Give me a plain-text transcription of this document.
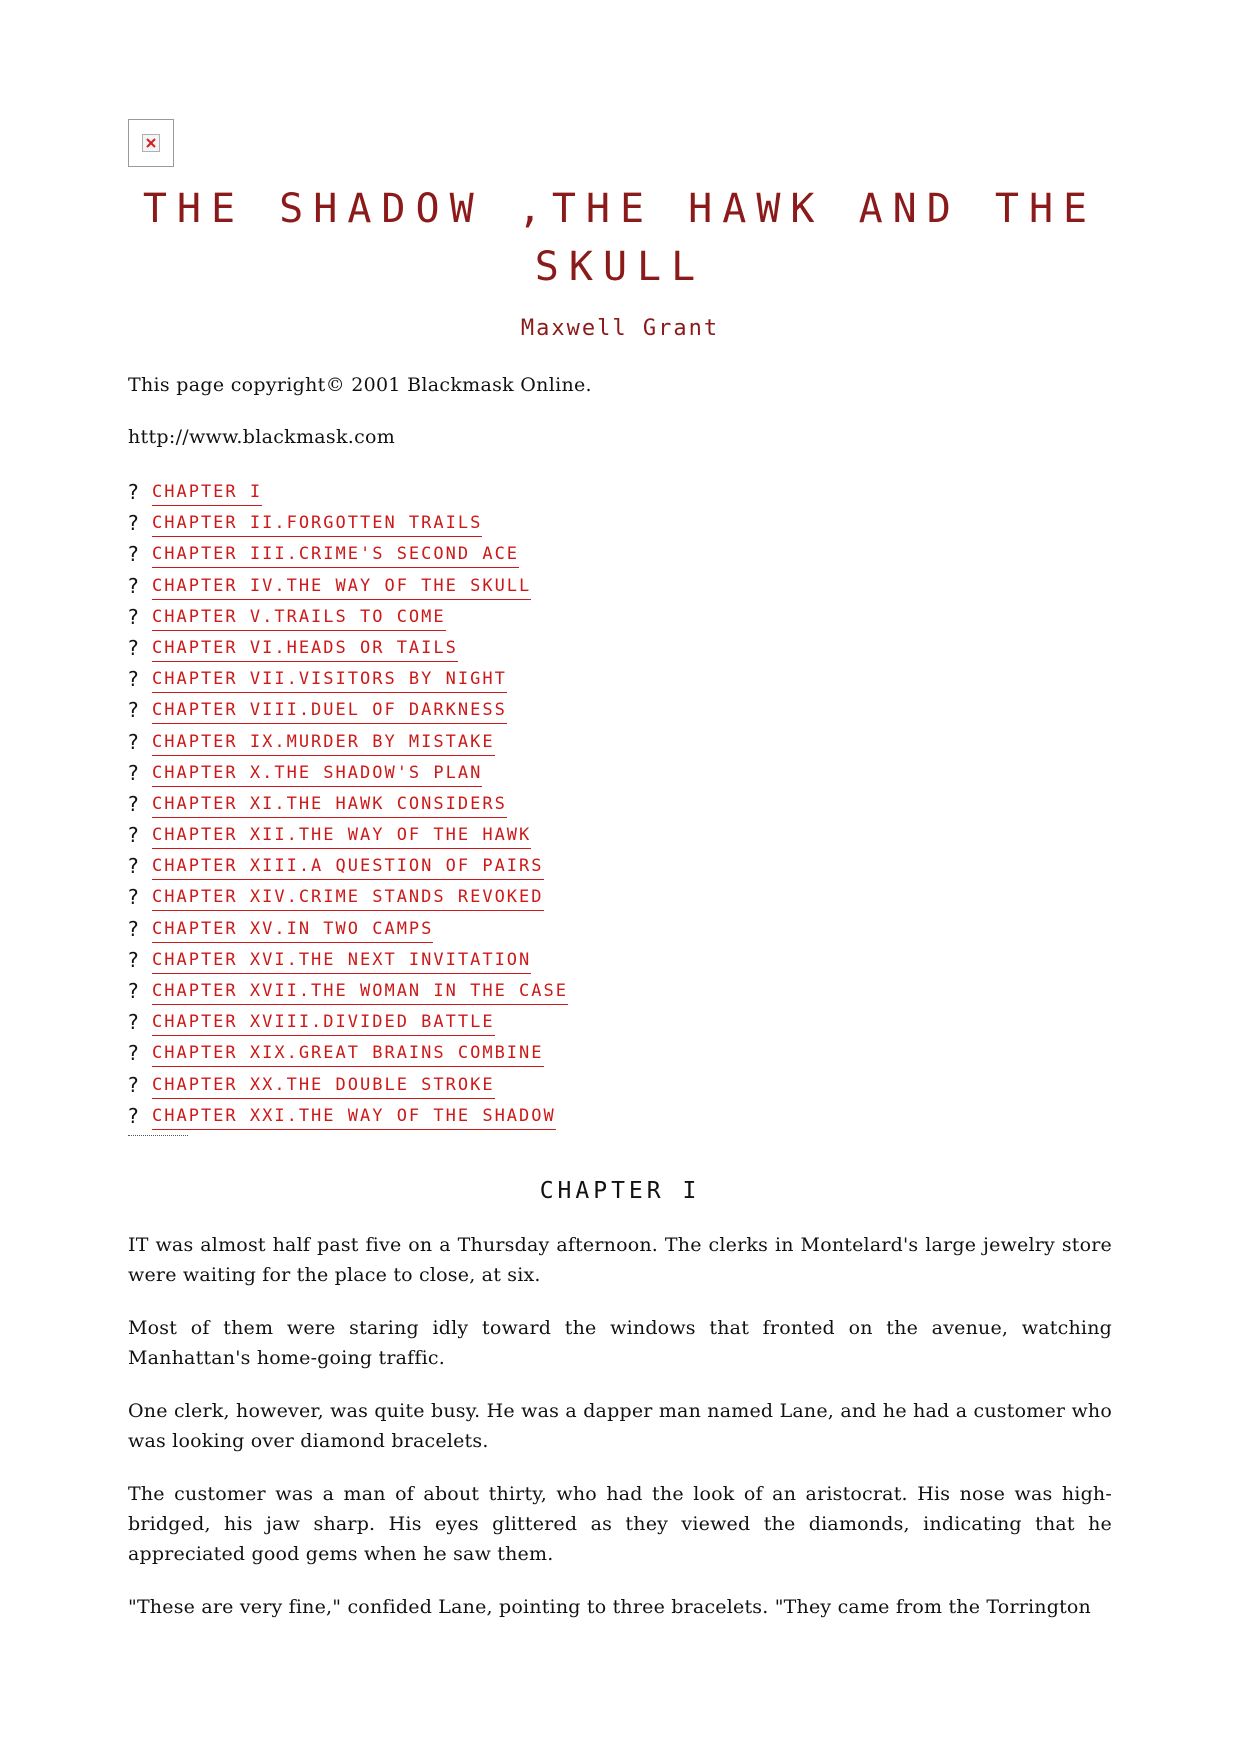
THE SHADOW ,THE HAWK AND THE SKULL
Maxwell Grant
This page copyright© 2001 Blackmask Online.
http://www.blackmask.com
? CHAPTER I
? CHAPTER II.FORGOTTEN TRAILS
? CHAPTER III.CRIME'S SECOND ACE
? CHAPTER IV.THE WAY OF THE SKULL
? CHAPTER V.TRAILS TO COME
? CHAPTER VI.HEADS OR TAILS
? CHAPTER VII.VISITORS BY NIGHT
? CHAPTER VIII.DUEL OF DARKNESS
? CHAPTER IX.MURDER BY MISTAKE
? CHAPTER X.THE SHADOW'S PLAN
? CHAPTER XI.THE HAWK CONSIDERS
? CHAPTER XII.THE WAY OF THE HAWK
? CHAPTER XIII.A QUESTION OF PAIRS
? CHAPTER XIV.CRIME STANDS REVOKED
? CHAPTER XV.IN TWO CAMPS
? CHAPTER XVI.THE NEXT INVITATION
? CHAPTER XVII.THE WOMAN IN THE CASE
? CHAPTER XVIII.DIVIDED BATTLE
? CHAPTER XIX.GREAT BRAINS COMBINE
? CHAPTER XX.THE DOUBLE STROKE
? CHAPTER XXI.THE WAY OF THE SHADOW
CHAPTER I

IT was almost half past five on a Thursday afternoon. The clerks in Montelard's large jewelry store were waiting for the place to close, at six.

Most of them were staring idly toward the windows that fronted on the avenue, watching Manhattan's home-going traffic.

One clerk, however, was quite busy. He was a dapper man named Lane, and he had a customer who was looking over diamond bracelets.

The customer was a man of about thirty, who had the look of an aristocrat. His nose was high-bridged, his jaw sharp. His eyes glittered as they viewed the diamonds, indicating that he appreciated good gems when he saw them.

"These are very fine," confided Lane, pointing to three bracelets. "They came from the Torrington
